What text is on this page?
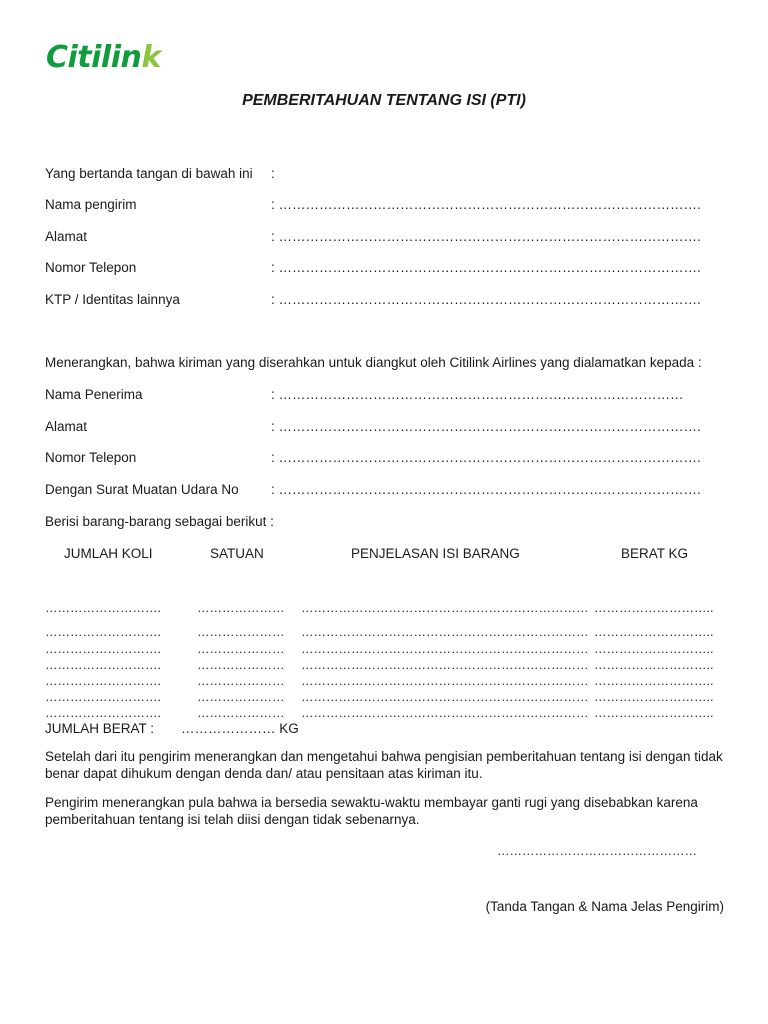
Citilink
PEMBERITAHUAN TENTANG ISI (PTI)
Yang bertanda tangan di bawah ini :
Nama pengirim	: ………………………………………………………………………………….
Alamat	: ………………………………………………………………………………….
Nomor Telepon	: ………………………………………………………………………………….
KTP / Identitas lainnya	: ………………………………………………………………………………….
Menerangkan, bahwa kiriman yang diserahkan untuk diangkut oleh Citilink Airlines yang dialamatkan kepada :
Nama Penerima	: ………………………………………………………………………………
Alamat	: ………………………………………………………………………………….
Nomor Telepon	: ………………………………………………………………………………….
Dengan Surat Muatan Udara No : ………………………………………………………………………………….
Berisi barang-barang sebagai berikut :
JUMLAH KOLI	SATUAN	PENJELASAN ISI BARANG	BERAT KG
……………………….	………………… …………………………………………………………… ………………………..
……………………….	………………… …………………………………………………………… ………………………..
……………………….	………………… …………………………………………………………… ………………………..
……………………….	………………… …………………………………………………………… ………………………..
……………………….	………………… …………………………………………………………… ………………………..
……………………….	………………… …………………………………………………………… ………………………..
……………………….	………………… …………………………………………………………… ………………………..
JUMLAH BERAT : ………………… KG
Setelah dari itu pengirim menerangkan dan mengetahui bahwa pengisian pemberitahuan tentang isi dengan tidak benar dapat dihukum dengan denda dan/ atau pensitaan atas kiriman itu.
Pengirim menerangkan pula bahwa ia bersedia sewaktu-waktu membayar ganti rugi yang disebabkan karena pemberitahuan tentang isi telah diisi dengan tidak sebenarnya.
…………………………………………
(Tanda Tangan & Nama Jelas Pengirim)
